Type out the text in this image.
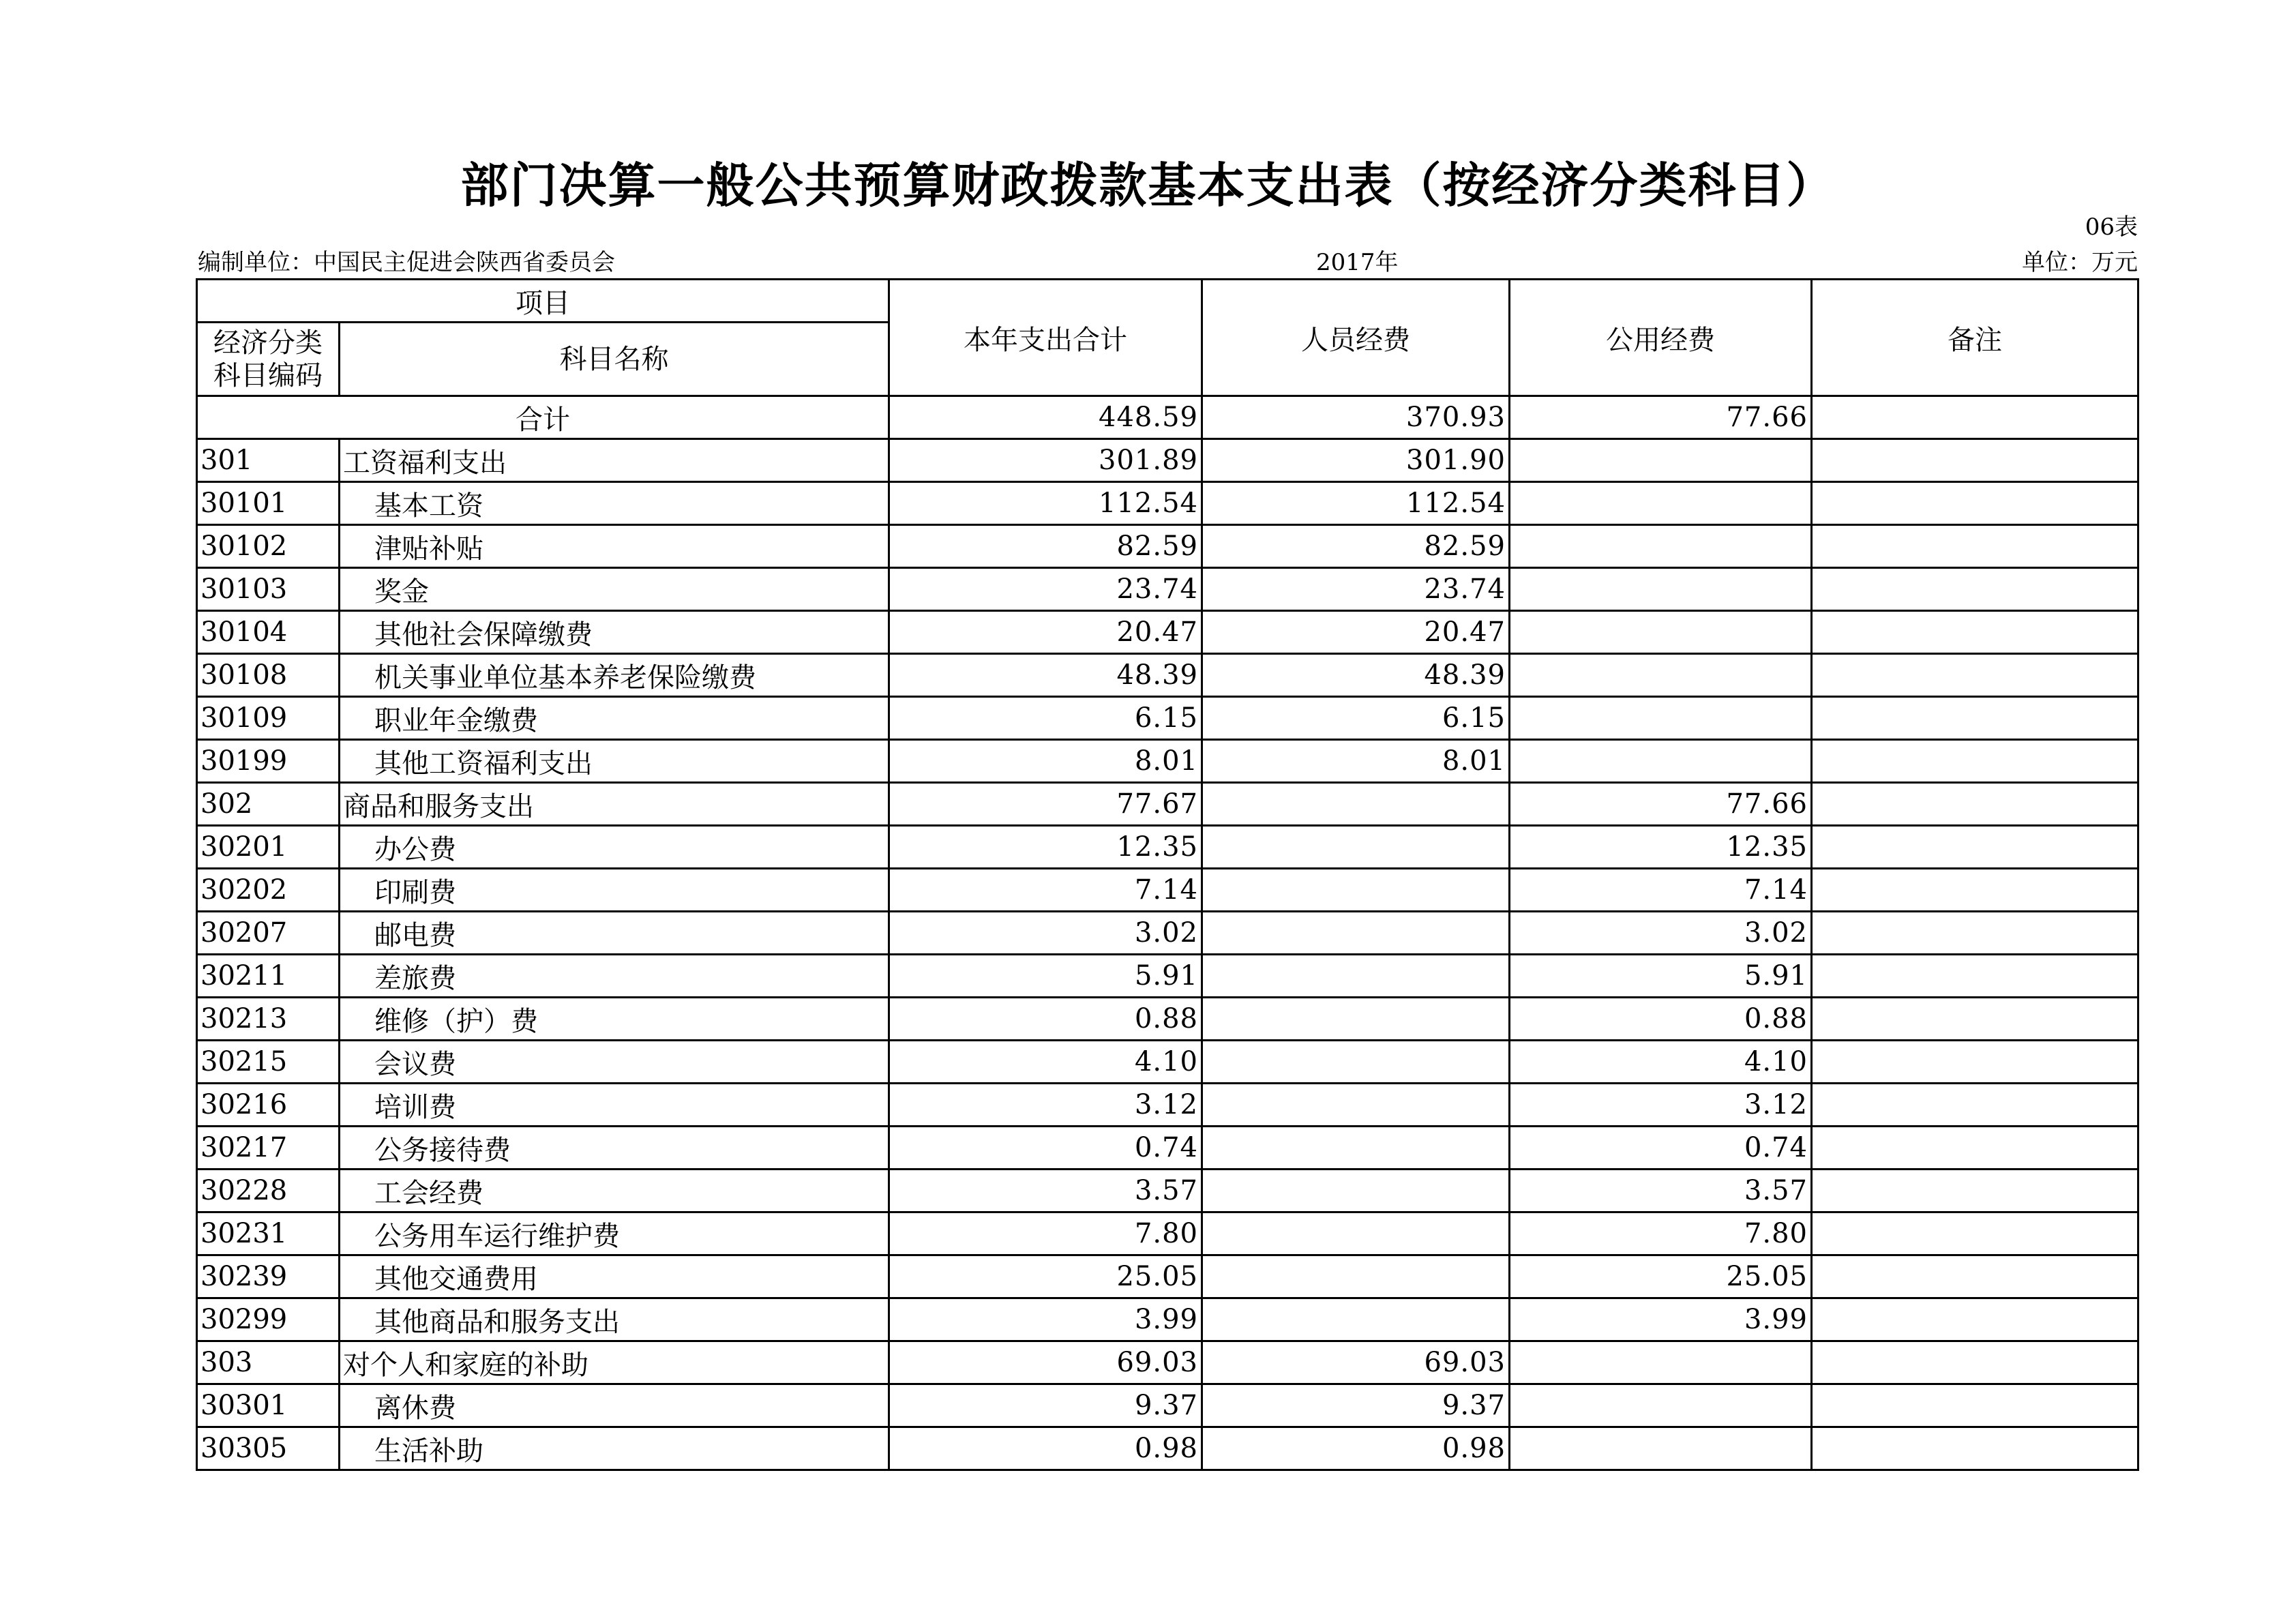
部门决算一般公共预算财政拨款基本支出表（按经济分类科目）
06表
编制单位：中国民主促进会陕西省委员会	2017年	单位：万元
项目		本年支出合计	人员经费	公用经费	备注

经济分类
科目编码	科目名称				
合计		448.59	370.93	77.66	
301	工资福利支出	301.89	301.90		
30101	基本工资	112.54	112.54		
30102	津贴补贴	82.59	82.59		
30103	奖金	23.74	23.74		
30104	其他社会保障缴费	20.47	20.47		
30108	机关事业单位基本养老保险缴费	48.39	48.39		
30109	职业年金缴费	6.15	6.15		
30199	其他工资福利支出	8.01	8.01		
302	商品和服务支出	77.67		77.66	
30201	办公费	12.35		12.35	
30202	印刷费	7.14		7.14	
30207	邮电费	3.02		3.02	
30211	差旅费	5.91		5.91	
30213	维修（护）费	0.88		0.88	
30215	会议费	4.10		4.10	
30216	培训费	3.12		3.12	
30217	公务接待费	0.74		0.74	
30228	工会经费	3.57		3.57	
30231	公务用车运行维护费	7.80		7.80	
30239	其他交通费用	25.05		25.05	
30299	其他商品和服务支出	3.99		3.99	
303	对个人和家庭的补助	69.03	69.03		
30301	离休费	9.37	9.37		
30305	生活补助	0.98	0.98		
